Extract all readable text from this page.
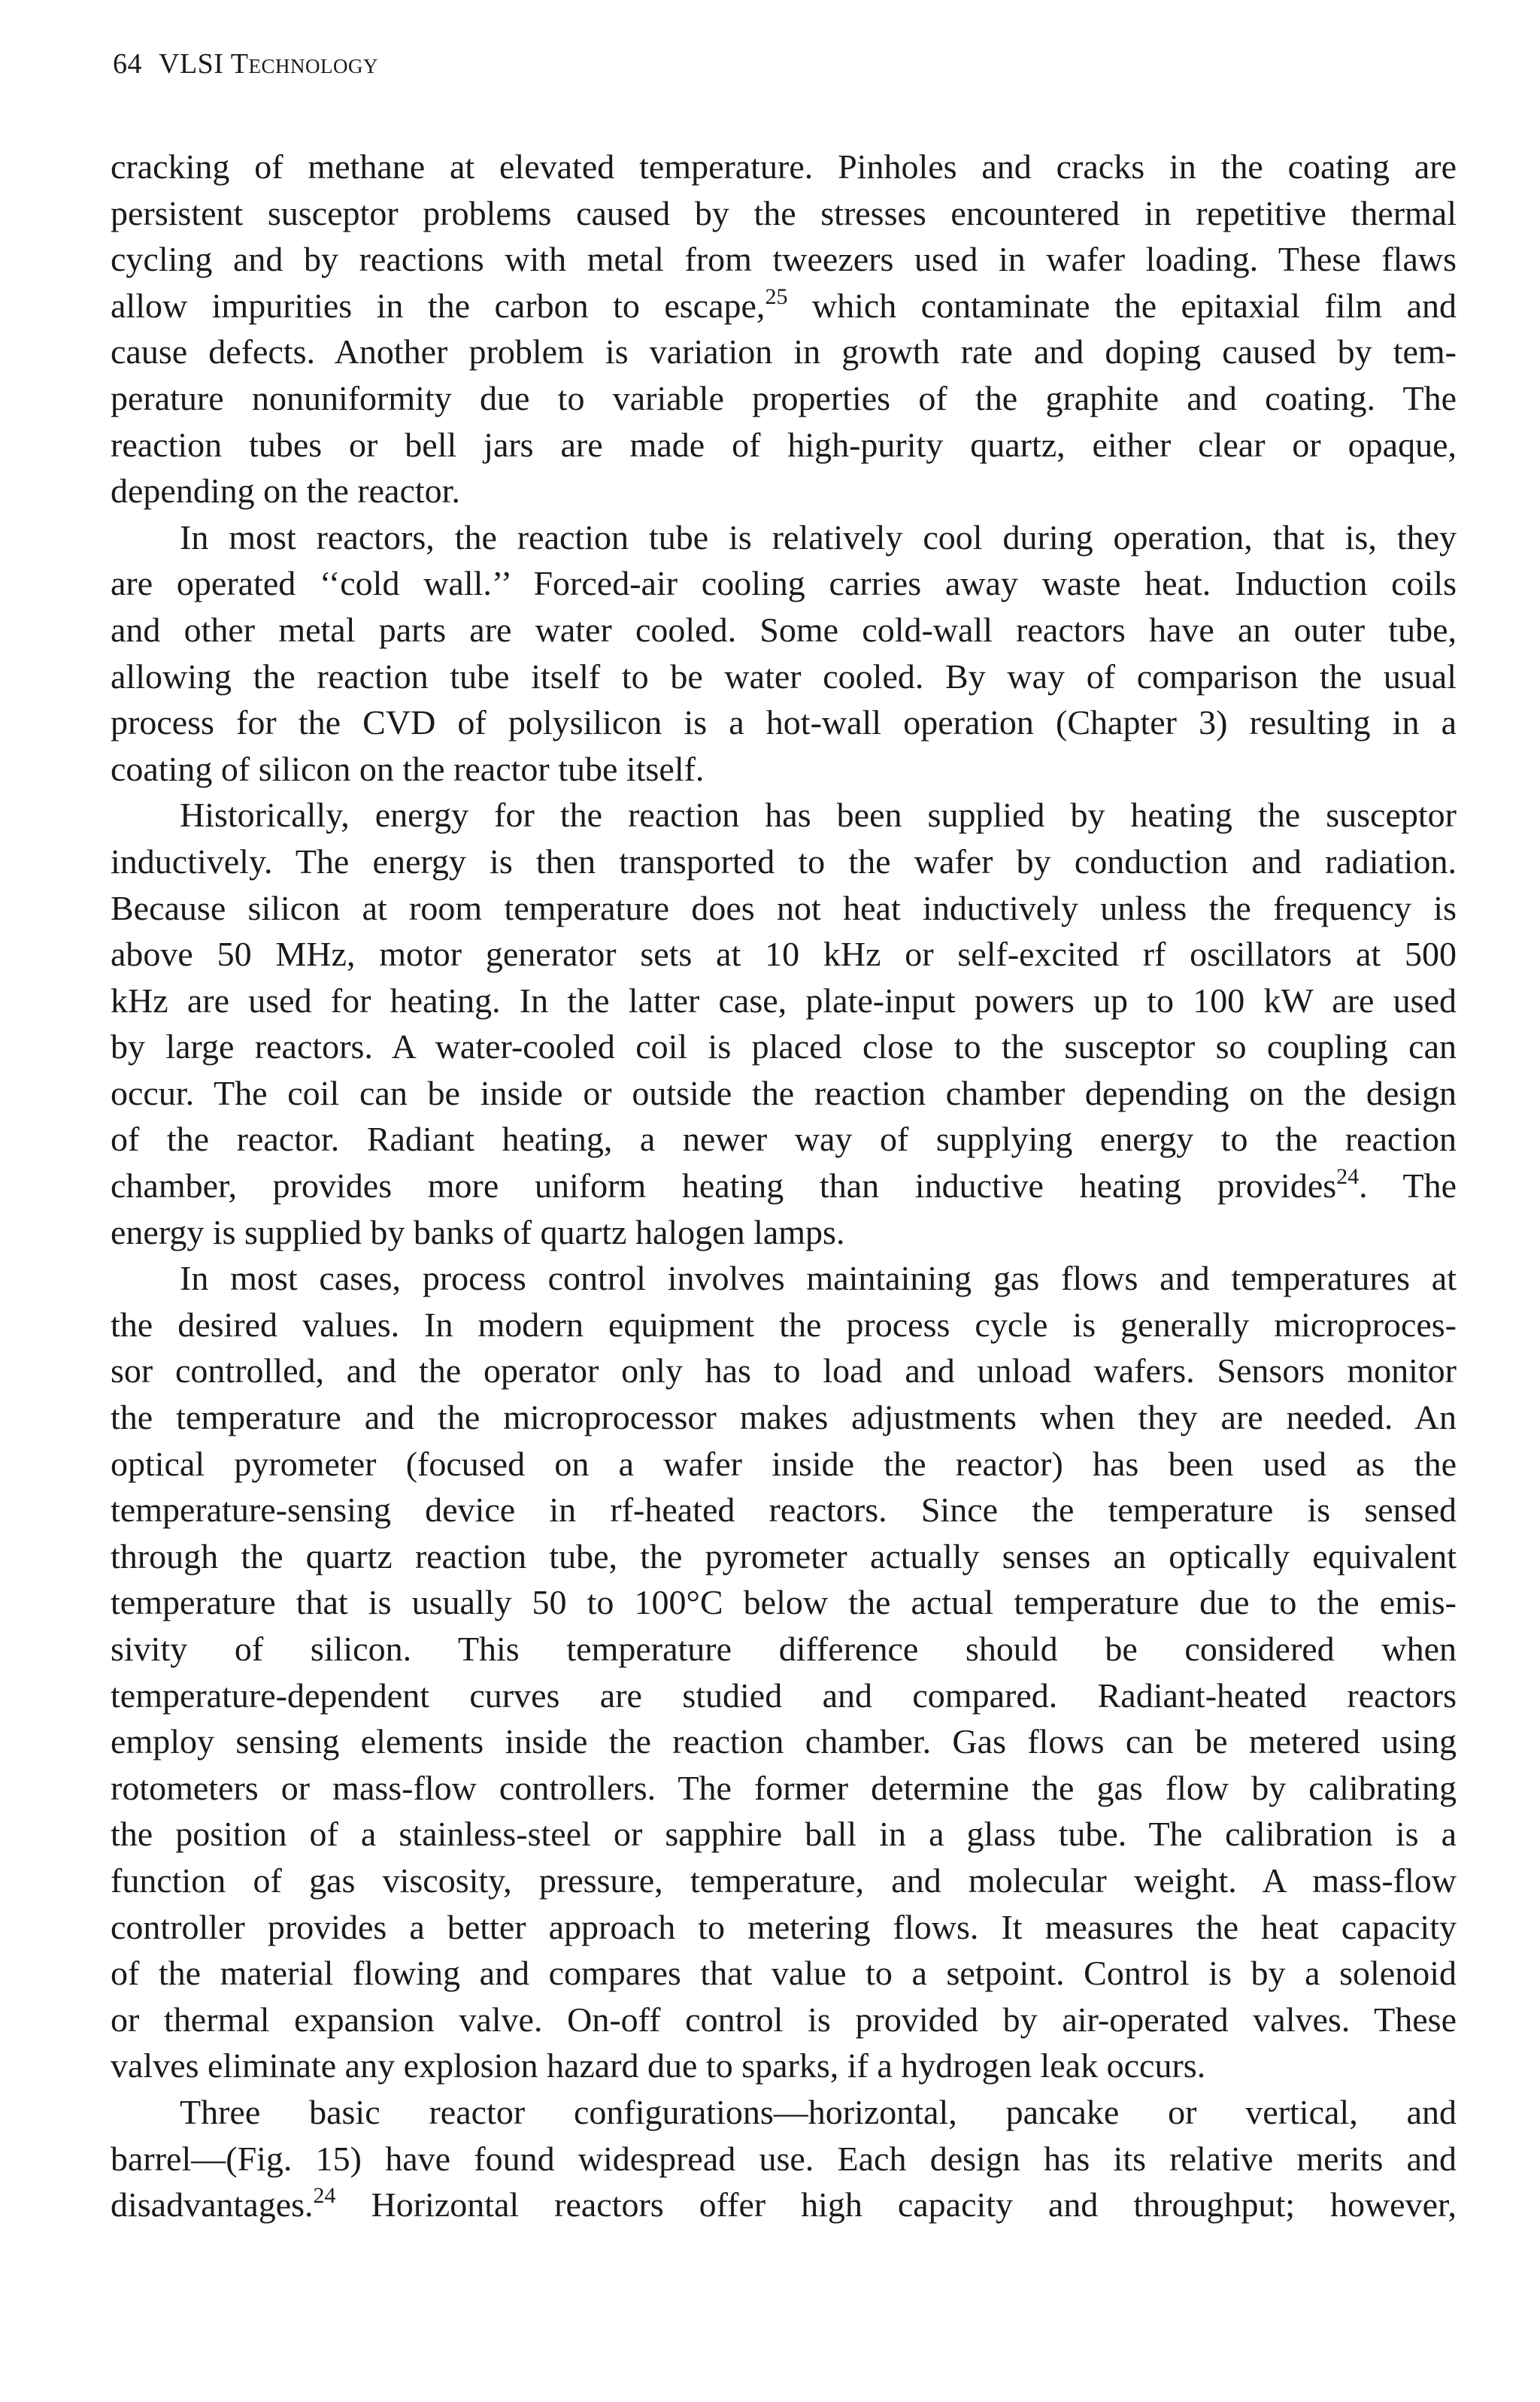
64 VLSI Technology
cracking of methane at elevated temperature. Pinholes and cracks in the coating are
persistent susceptor problems caused by the stresses encountered in repetitive thermal
cycling and by reactions with metal from tweezers used in wafer loading. These flaws
allow impurities in the carbon to escape,$^{25}$ which contaminate the epitaxial film and
cause defects. Another problem is variation in growth rate and doping caused by tem-
perature nonuniformity due to variable properties of the graphite and coating. The
reaction tubes or bell jars are made of high-purity quartz, either clear or opaque,
depending on the reactor.
In most reactors, the reaction tube is relatively cool during operation, that is, they
are operated ‘‘cold wall.’’ Forced-air cooling carries away waste heat. Induction coils
and other metal parts are water cooled. Some cold-wall reactors have an outer tube,
allowing the reaction tube itself to be water cooled. By way of comparison the usual
process for the CVD of polysilicon is a hot-wall operation (Chapter 3) resulting in a
coating of silicon on the reactor tube itself.
Historically, energy for the reaction has been supplied by heating the susceptor
inductively. The energy is then transported to the wafer by conduction and radiation.
Because silicon at room temperature does not heat inductively unless the frequency is
above 50 MHz, motor generator sets at 10 kHz or self-excited rf oscillators at 500
kHz are used for heating. In the latter case, plate-input powers up to 100 kW are used
by large reactors. A water-cooled coil is placed close to the susceptor so coupling can
occur. The coil can be inside or outside the reaction chamber depending on the design
of the reactor. Radiant heating, a newer way of supplying energy to the reaction
chamber, provides more uniform heating than inductive heating provides$^{24}$. The
energy is supplied by banks of quartz halogen lamps.
In most cases, process control involves maintaining gas flows and temperatures at
the desired values. In modern equipment the process cycle is generally microproces-
sor controlled, and the operator only has to load and unload wafers. Sensors monitor
the temperature and the microprocessor makes adjustments when they are needed. An
optical pyrometer (focused on a wafer inside the reactor) has been used as the
temperature-sensing device in rf-heated reactors. Since the temperature is sensed
through the quartz reaction tube, the pyrometer actually senses an optically equivalent
temperature that is usually 50 to 100°C below the actual temperature due to the emis-
sivity of silicon. This temperature difference should be considered when
temperature-dependent curves are studied and compared. Radiant-heated reactors
employ sensing elements inside the reaction chamber. Gas flows can be metered using
rotometers or mass-flow controllers. The former determine the gas flow by calibrating
the position of a stainless-steel or sapphire ball in a glass tube. The calibration is a
function of gas viscosity, pressure, temperature, and molecular weight. A mass-flow
controller provides a better approach to metering flows. It measures the heat capacity
of the material flowing and compares that value to a setpoint. Control is by a solenoid
or thermal expansion valve. On-off control is provided by air-operated valves. These
valves eliminate any explosion hazard due to sparks, if a hydrogen leak occurs.
Three basic reactor configurations—horizontal, pancake or vertical, and
barrel—(Fig. 15) have found widespread use. Each design has its relative merits and
disadvantages.$^{24}$ Horizontal reactors offer high capacity and throughput; however,
